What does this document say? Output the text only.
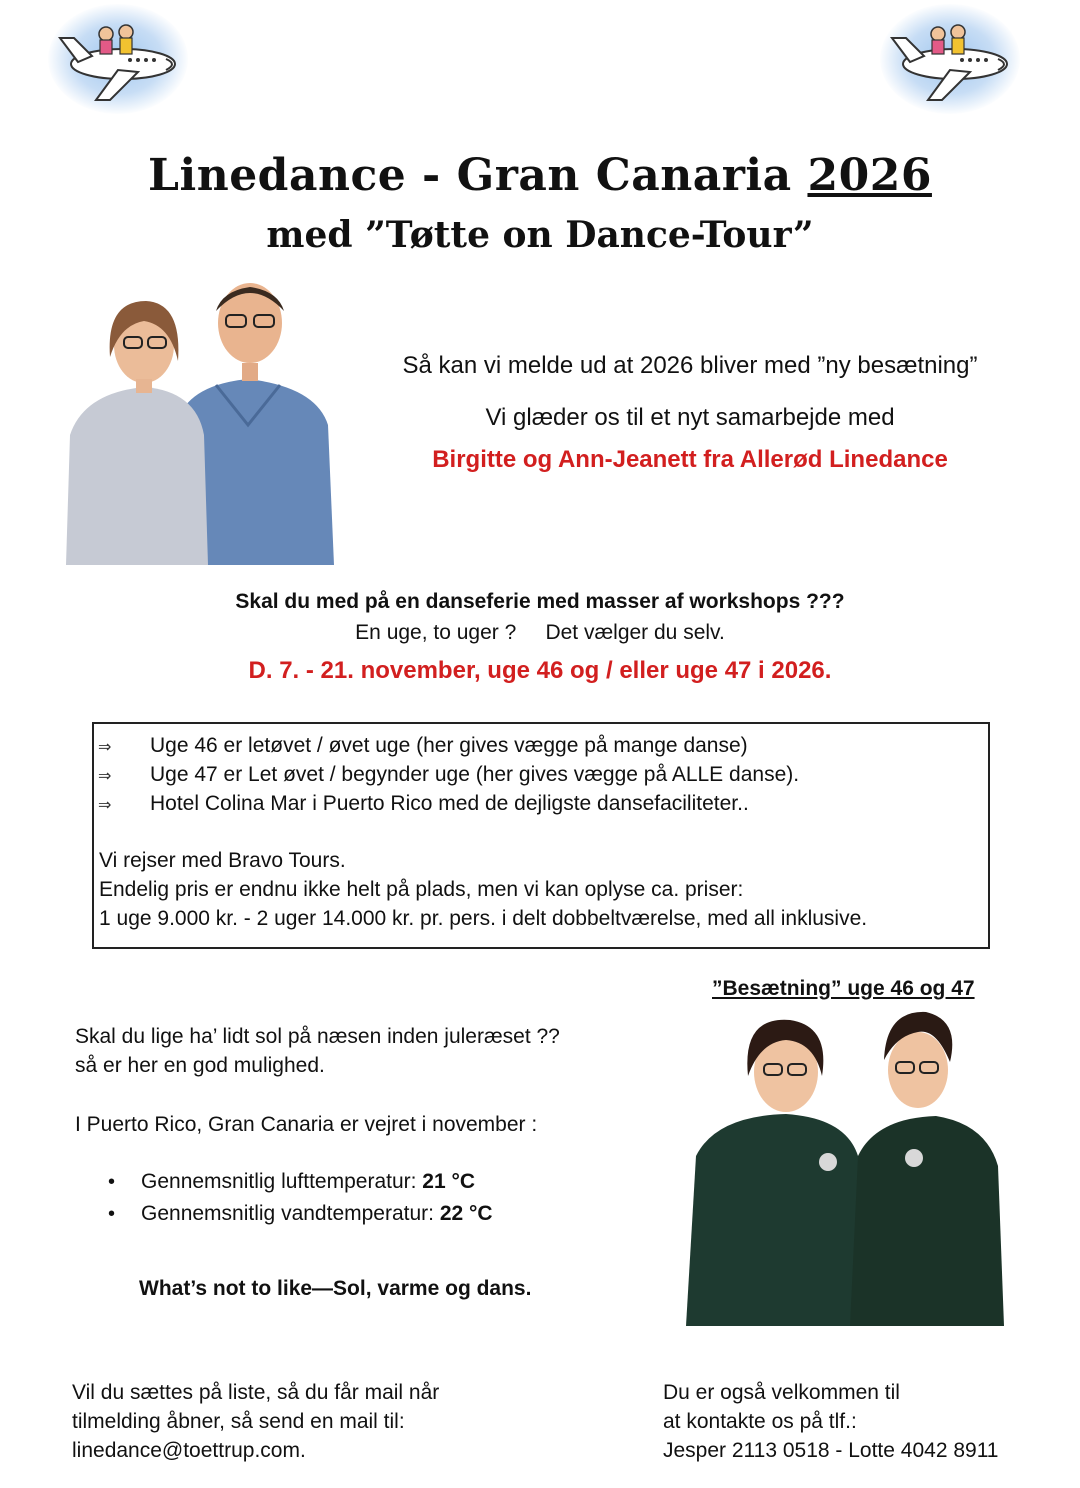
Linedance - Gran Canaria 2026
med ”Tøtte on Dance-Tour”
Så kan vi melde ud at 2026 bliver med ”ny besætning”
Vi glæder os til et nyt samarbejde med
Birgitte og Ann-Jeanett fra Allerød Linedance
Skal du med på en danseferie med masser af workshops ???
En uge, to uger ?     Det vælger du selv.
D. 7. - 21. november, uge 46 og / eller uge 47 i 2026.
⇒ Uge 46 er letøvet / øvet uge (her gives vægge på mange danse)
⇒ Uge 47 er Let øvet / begynder uge (her gives vægge på ALLE danse).
⇒ Hotel Colina Mar i Puerto Rico med de dejligste dansefaciliteter..
Vi rejser med Bravo Tours.
Endelig pris er endnu ikke helt på plads, men vi kan oplyse ca. priser:
1 uge 9.000 kr. - 2 uger 14.000 kr. pr. pers. i delt dobbeltværelse, med all inklusive.
”Besætning” uge 46 og 47
Skal du lige ha’ lidt sol på næsen inden juleræset ??
så er her en god mulighed.
I Puerto Rico, Gran Canaria er vejret i november :
• Gennemsnitlig lufttemperatur: 21 °C
• Gennemsnitlig vandtemperatur: 22 °C
What’s not to like—Sol, varme og dans.
Vil du sættes på liste, så du får mail når
tilmelding åbner, så send en mail til:
linedance@toettrup.com.
Du er også velkommen til
at kontakte os på tlf.:
Jesper 2113 0518 - Lotte 4042 8911
